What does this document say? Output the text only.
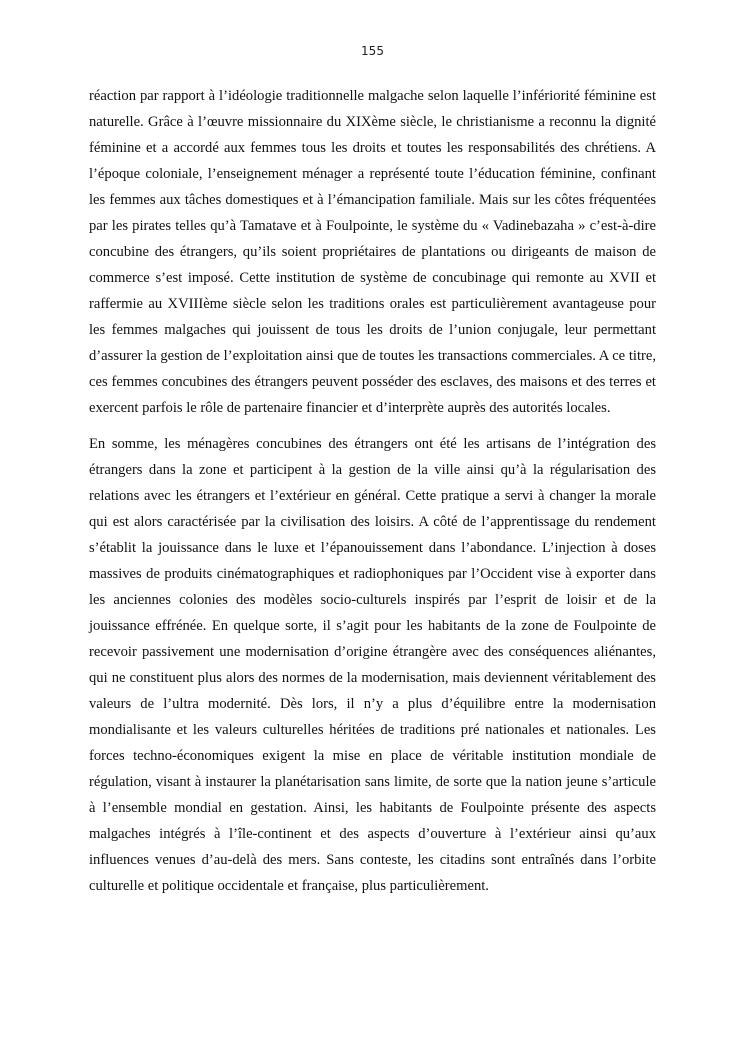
155

réaction par rapport à l’idéologie traditionnelle malgache selon laquelle l’infériorité féminine est naturelle. Grâce à l’œuvre missionnaire du XIXème siècle, le christianisme a reconnu la dignité féminine et a accordé aux femmes tous les droits et toutes les responsabilités des chrétiens. A l’époque coloniale, l’enseignement ménager a représenté toute l’éducation féminine, confinant les femmes aux tâches domestiques et à l’émancipation familiale. Mais sur les côtes fréquentées par les pirates telles qu’à Tamatave et à Foulpointe, le système du « Vadinebazaha » c’est-à-dire concubine des étrangers, qu’ils soient propriétaires de plantations ou dirigeants de maison de commerce s’est imposé. Cette institution de système de concubinage qui remonte au XVII et raffermie au XVIIIème siècle selon les traditions orales est particulièrement avantageuse pour les femmes malgaches qui jouissent de tous les droits de l’union conjugale, leur permettant d’assurer la gestion de l’exploitation ainsi que de toutes les transactions commerciales. A ce titre, ces femmes concubines des étrangers peuvent posséder des esclaves, des maisons et des terres et exercent parfois le rôle de partenaire financier et d’interprète auprès des autorités locales.

En somme, les ménagères concubines des étrangers ont été les artisans de l’intégration des étrangers dans la zone et participent à la gestion de la ville ainsi qu’à la régularisation des relations avec les étrangers et l’extérieur en général. Cette pratique a servi à changer la morale qui est alors caractérisée par la civilisation des loisirs. A côté de l’apprentissage du rendement s’établit la jouissance dans le luxe et l’épanouissement dans l’abondance. L’injection à doses massives de produits cinématographiques et radiophoniques par l’Occident vise à exporter dans les anciennes colonies des modèles socio-culturels inspirés par l’esprit de loisir et de la jouissance effrénée. En quelque sorte, il s’agit pour les habitants de la zone de Foulpointe de recevoir passivement une modernisation d’origine étrangère avec des conséquences aliénantes, qui ne constituent plus alors des normes de la modernisation, mais deviennent véritablement des valeurs de l’ultra modernité. Dès lors, il n’y a plus d’équilibre entre la modernisation mondialisante et les valeurs culturelles héritées de traditions pré nationales et nationales. Les forces techno-économiques exigent la mise en place de véritable institution mondiale de régulation, visant à instaurer la planétarisation sans limite, de sorte que la nation jeune s’articule à l’ensemble mondial en gestation. Ainsi, les habitants de Foulpointe présente des aspects malgaches intégrés à l’île-continent et des aspects d’ouverture à l’extérieur ainsi qu’aux influences venues d’au-delà des mers. Sans conteste, les citadins sont entraînés dans l’orbite culturelle et politique occidentale et française, plus particulièrement.
